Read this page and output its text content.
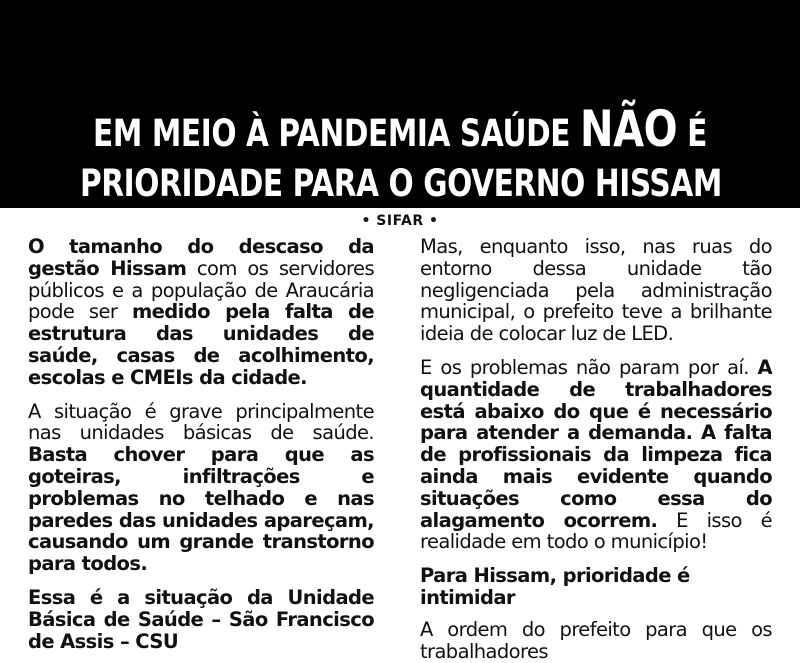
EM MEIO À PANDEMIA SAÚDE NÃO É
PRIORIDADE PARA O GOVERNO HISSAM
• SIFAR •

O tamanho do descaso da gestão Hissam com os servidores públicos e a população de Araucária pode ser medido pela falta de estrutura das unidades de saúde, casas de acolhimento, escolas e CMEIs da cidade.

A situação é grave principalmente nas unidades básicas de saúde. Basta chover para que as goteiras, infiltrações e problemas no telhado e nas paredes das unidades apareçam, causando um grande transtorno para todos.

Essa é a situação da Unidade Básica de Saúde – São Francisco de Assis – CSU

Mas, enquanto isso, nas ruas do entorno dessa unidade tão negligenciada pela administração municipal, o prefeito teve a brilhante ideia de colocar luz de LED.

E os problemas não param por aí. A quantidade de trabalhadores está abaixo do que é necessário para atender a demanda. A falta de profissionais da limpeza fica ainda mais evidente quando situações como essa do alagamento ocorrem. E isso é realidade em todo o município!

Para Hissam, prioridade é intimidar

A ordem do prefeito para que os trabalhadores
